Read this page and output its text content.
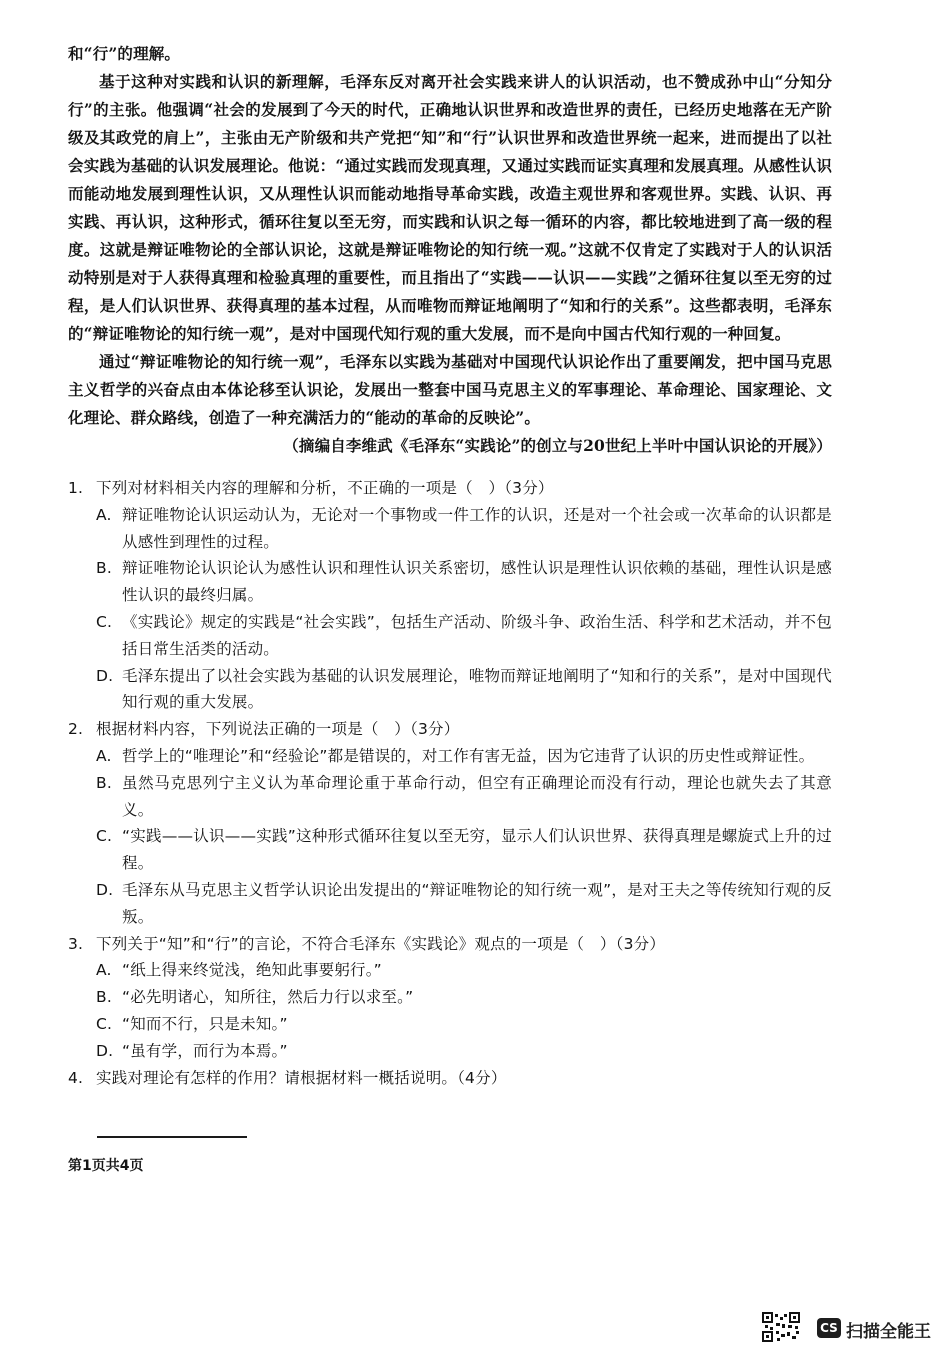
和“行”的理解。

基于这种对实践和认识的新理解，毛泽东反对离开社会实践来讲人的认识活动，也不赞成孙中山“分知分行”的主张。他强调“社会的发展到了今天的时代，正确地认识世界和改造世界的责任，已经历史地落在无产阶级及其政党的肩上”，主张由无产阶级和共产党把“知”和“行”认识世界和改造世界统一起来，进而提出了以社会实践为基础的认识发展理论。他说：“通过实践而发现真理，又通过实践而证实真理和发展真理。从感性认识而能动地发展到理性认识，又从理性认识而能动地指导革命实践，改造主观世界和客观世界。实践、认识、再实践、再认识，这种形式，循环往复以至无穷，而实践和认识之每一循环的内容，都比较地进到了高一级的程度。这就是辩证唯物论的全部认识论，这就是辩证唯物论的知行统一观。”这就不仅肯定了实践对于人的认识活动特别是对于人获得真理和检验真理的重要性，而且指出了“实践——认识——实践”之循环往复以至无穷的过程，是人们认识世界、获得真理的基本过程，从而唯物而辩证地阐明了“知和行的关系”。这些都表明，毛泽东的“辩证唯物论的知行统一观”，是对中国现代知行观的重大发展，而不是向中国古代知行观的一种回复。

通过“辩证唯物论的知行统一观”，毛泽东以实践为基础对中国现代认识论作出了重要阐发，把中国马克思主义哲学的兴奋点由本体论移至认识论，发展出一整套中国马克思主义的军事理论、革命理论、国家理论、文化理论、群众路线，创造了一种充满活力的“能动的革命的反映论”。

（摘编自李维武《毛泽东“实践论”的创立与20世纪上半叶中国认识论的开展》）

1. 下列对材料相关内容的理解和分析，不正确的一项是（　）（3分）
A. 辩证唯物论认识运动认为，无论对一个事物或一件工作的认识，还是对一个社会或一次革命的认识都是从感性到理性的过程。
B. 辩证唯物论认识论认为感性认识和理性认识关系密切，感性认识是理性认识依赖的基础，理性认识是感性认识的最终归属。
C. 《实践论》规定的实践是“社会实践”，包括生产活动、阶级斗争、政治生活、科学和艺术活动，并不包括日常生活类的活动。
D. 毛泽东提出了以社会实践为基础的认识发展理论，唯物而辩证地阐明了“知和行的关系”，是对中国现代知行观的重大发展。
2. 根据材料内容，下列说法正确的一项是（　）（3分）
A. 哲学上的“唯理论”和“经验论”都是错误的，对工作有害无益，因为它违背了认识的历史性或辩证性。
B. 虽然马克思列宁主义认为革命理论重于革命行动，但空有正确理论而没有行动，理论也就失去了其意义。
C. “实践——认识——实践”这种形式循环往复以至无穷，显示人们认识世界、获得真理是螺旋式上升的过程。
D. 毛泽东从马克思主义哲学认识论出发提出的“辩证唯物论的知行统一观”，是对王夫之等传统知行观的反叛。
3. 下列关于“知”和“行”的言论，不符合毛泽东《实践论》观点的一项是（　）（3分）
A. “纸上得来终觉浅，绝知此事要躬行。”
B. “必先明诸心，知所往，然后力行以求至。”
C. “知而不行，只是未知。”
D. “虽有学，而行为本焉。”
4. 实践对理论有怎样的作用？请根据材料一概括说明。（4分）
第1页共4页
CS 扫描全能王
